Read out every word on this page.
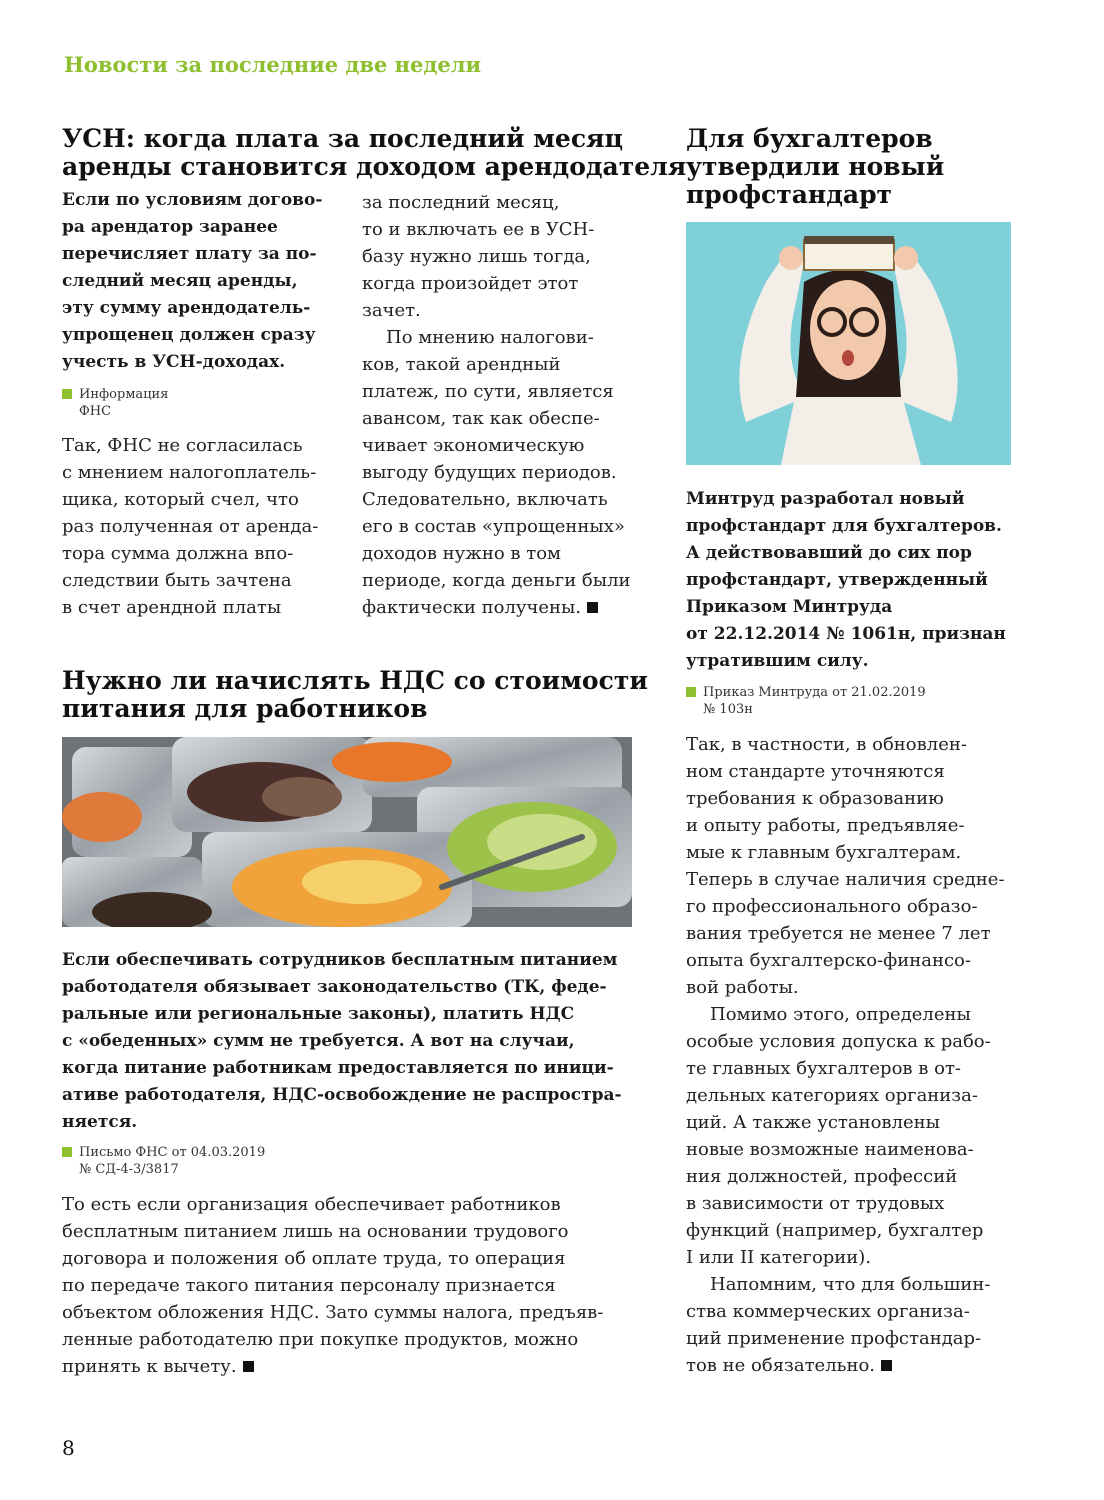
Новости за последние две недели
УСН: когда плата за последний месяц
аренды становится доходом арендодателя
Если по условиям догово-
ра арендатор заранее
перечисляет плату за по-
следний месяц аренды,
эту сумму арендодатель-
упрощенец должен сразу
учесть в УСН-доходах.
Информация
ФНС
Так, ФНС не согласилась
с мнением налогоплатель-
щика, который счел, что
раз полученная от аренда-
тора сумма должна впо-
следствии быть зачтена
в счет арендной платы
за последний месяц,
то и включать ее в УСН-
базу нужно лишь тогда,
когда произойдет этот
зачет.
По мнению налогови-
ков, такой арендный
платеж, по сути, является
авансом, так как обеспе-
чивает экономическую
выгоду будущих периодов.
Следовательно, включать
его в состав «упрощенных»
доходов нужно в том
периоде, когда деньги были
фактически получены.
Нужно ли начислять НДС со стоимости
питания для работников
Если обеспечивать сотрудников бесплатным питанием
работодателя обязывает законодательство (ТК, феде-
ральные или региональные законы), платить НДС
с «обеденных» сумм не требуется. А вот на случаи,
когда питание работникам предоставляется по иници-
ативе работодателя, НДС-освобождение не распростра-
няется.
Письмо ФНС от 04.03.2019
№ СД-4-3/3817
То есть если организация обеспечивает работников
бесплатным питанием лишь на основании трудового
договора и положения об оплате труда, то операция
по передаче такого питания персоналу признается
объектом обложения НДС. Зато суммы налога, предъяв-
ленные работодателю при покупке продуктов, можно
принять к вычету.
Для бухгалтеров
утвердили новый
профстандарт
Минтруд разработал новый
профстандарт для бухгалтеров.
А действовавший до сих пор
профстандарт, утвержденный
Приказом Минтруда
от 22.12.2014 № 1061н, признан
утратившим силу.
Приказ Минтруда от 21.02.2019
№ 103н
Так, в частности, в обновлен-
ном стандарте уточняются
требования к образованию
и опыту работы, предъявляе-
мые к главным бухгалтерам.
Теперь в случае наличия средне-
го профессионального образо-
вания требуется не менее 7 лет
опыта бухгалтерско-финансо-
вой работы.
Помимо этого, определены
особые условия допуска к рабо-
те главных бухгалтеров в от-
дельных категориях организа-
ций. А также установлены
новые возможные наименова-
ния должностей, профессий
в зависимости от трудовых
функций (например, бухгалтер
I или II категории).
Напомним, что для большин-
ства коммерческих организа-
ций применение профстандар-
тов не обязательно.
8
